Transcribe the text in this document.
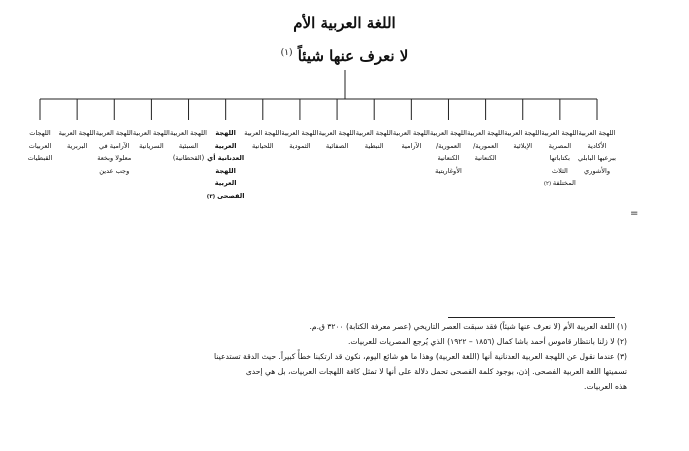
اللغة العربية الأم
لا نعرف عنها شيئاً $^{(١)}$
اللهجة العربية الأكادية ببرعيها البابلي والأشوري
اللهجة العربية المصرية بكتاباتها الثلاث المختلفة (٢)
اللهجة العربية الإبلائية
اللهجة العربية العمورية/ الكنعانية
اللهجة العربية العمورية/ الكنعانية الأوغاريتية
اللهجة العربية الآرامية
اللهجة العربية النبطية
اللهجة العربية الصفائية
اللهجة العربية الثمودية
اللهجة العربية اللحيانية
اللهجة العربية العدنانية أي اللهجة العربية الفصحى (٣)
اللهجة العربية السبئية (القحطانية)
اللهجة العربية السريانية
اللهجة العربية الآرامية في معلولا وبخعة وجب عدين
اللهجة العربية البربرية
اللهجات العربيات القبطيات
=
(١) اللغة العربية الأم (لا نعرف عنها شيئاً) فقد سبقت العصر التاريخي (عصر معرفة الكتابة) ٣٢٠٠ ق.م.
(٢) لا زلنا بانتظار قاموس أحمد باشا كمال (١٨٥٦ – ١٩٢٢) الذي يُرجع المصريات للعربيات.
(٣) عندما نقول عن اللهجة العربية العدنانية أنها (اللغة العربية) وهذا ما هو شائع اليوم، نكون قد ارتكبنا خطأً كبيراً. حيث الدقة تستدعينا
تسميتها اللغة العربية الفصحى. إذن، بوجود كلمة الفصحى تحمل دلالة على أنها لا تمثل كافة اللهجات العربيات، بل هي إحدى
هذه العربيات.
